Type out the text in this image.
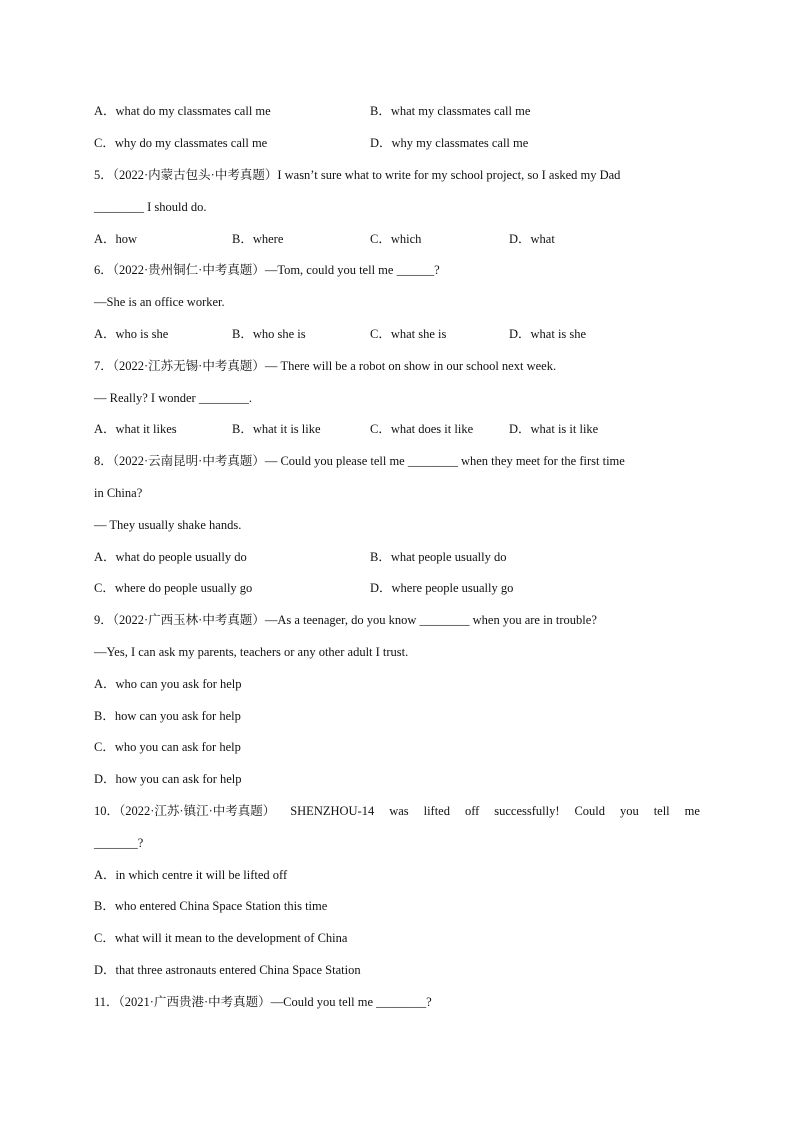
A．what do my classmates call me	B．what my classmates call me
C．why do my classmates call me	D．why my classmates call me
5．（2022·内蒙古包头·中考真题）I wasn’t sure what to write for my school project, so I asked my Dad
________ I should do.
A．how	B．where	C．which	D．what
6．（2022·贵州铜仁·中考真题）—Tom, could you tell me ______?
—She is an office worker.
A．who is she	B．who she is	C．what she is	D．what is she
7．（2022·江苏无锡·中考真题）— There will be a robot on show in our school next week.
— Really? I wonder ________.
A．what it likes	B．what it is like	C．what does it like	D．what is it like
8．（2022·云南昆明·中考真题）— Could you please tell me ________ when they meet for the first time
in China?
— They usually shake hands.
A．what do people usually do	B．what people usually do
C．where do people usually go	D．where people usually go
9．（2022·广西玉林·中考真题）—As a teenager, do you know ________ when you are in trouble?
—Yes, I can ask my parents, teachers or any other adult I trust.
A．who can you ask for help
B．how can you ask for help
C．who you can ask for help
D．how you can ask for help
10．（2022·江苏·镇江·中考真题） SHENZHOU-14 was lifted off successfully! Could you tell me
_______?
A．in which centre it will be lifted off
B．who entered China Space Station this time
C．what will it mean to the development of China
D．that three astronauts entered China Space Station
11．（2021·广西贵港·中考真题）—Could you tell me ________?
